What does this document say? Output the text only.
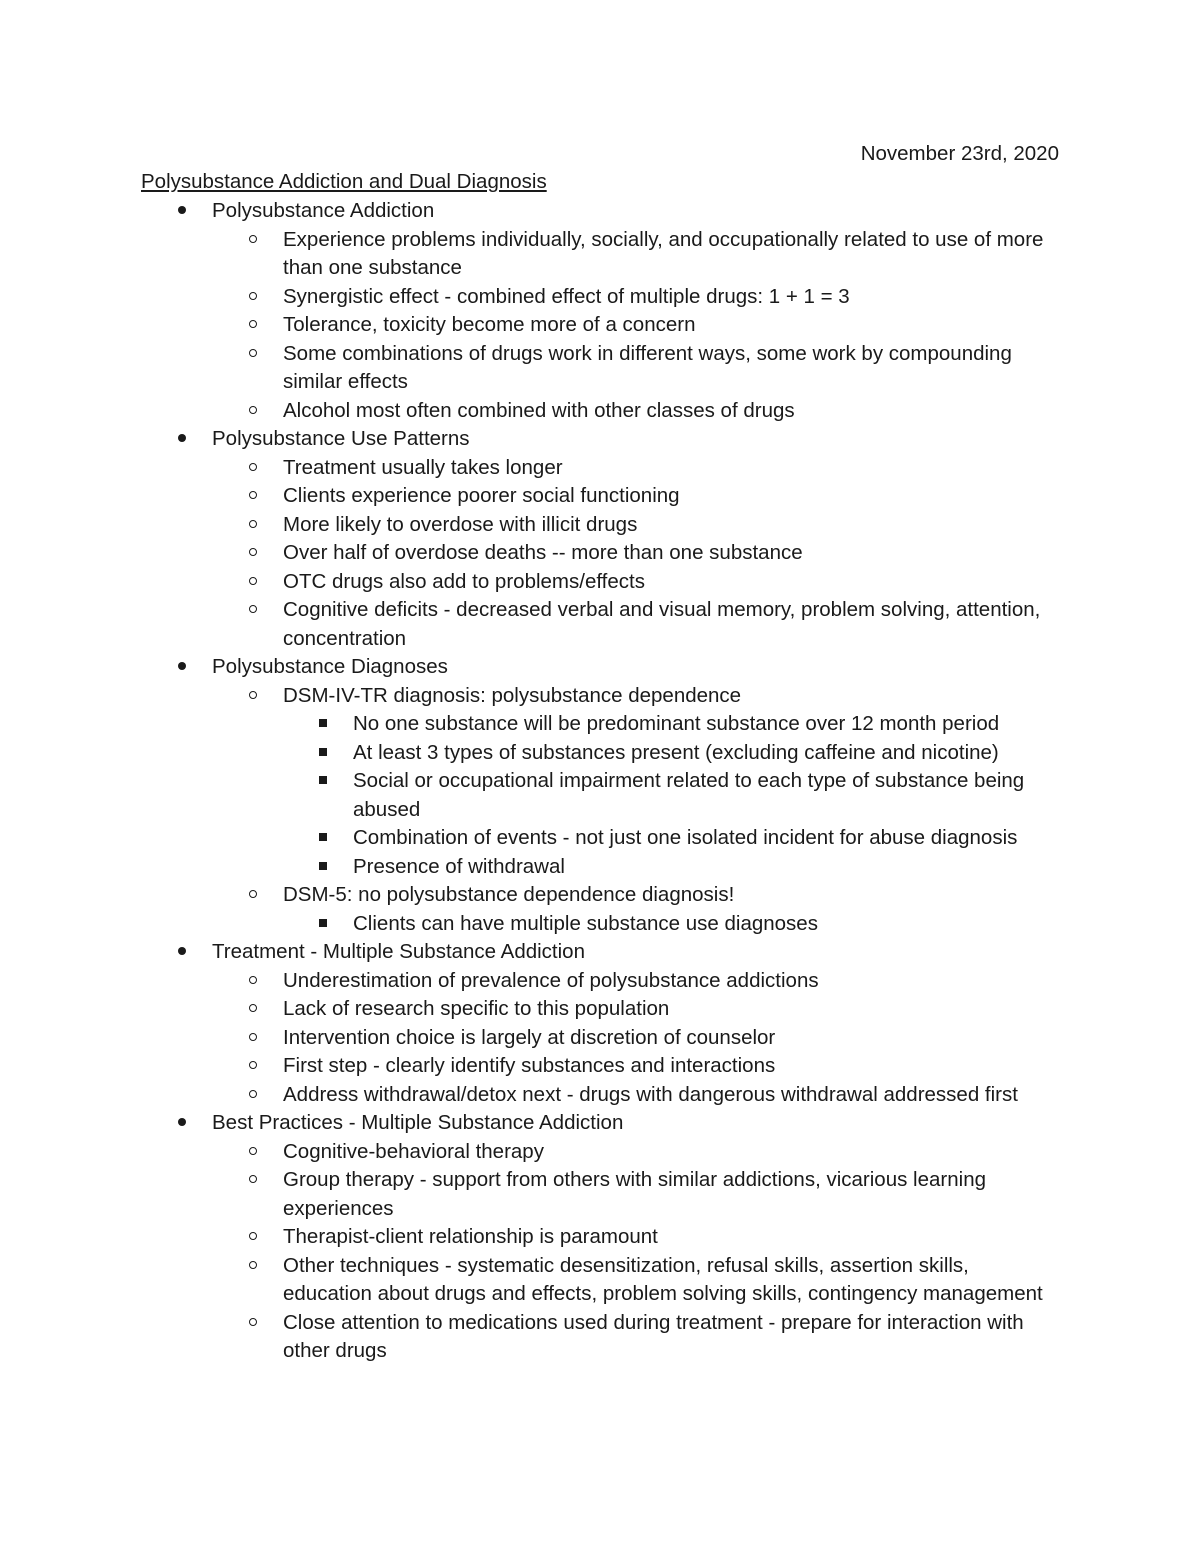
November 23rd, 2020
Polysubstance Addiction and Dual Diagnosis
Polysubstance Addiction
Experience problems individually, socially, and occupationally related to use of more than one substance
Synergistic effect - combined effect of multiple drugs: 1 + 1 = 3
Tolerance, toxicity become more of a concern
Some combinations of drugs work in different ways, some work by compounding similar effects
Alcohol most often combined with other classes of drugs
Polysubstance Use Patterns
Treatment usually takes longer
Clients experience poorer social functioning
More likely to overdose with illicit drugs
Over half of overdose deaths -- more than one substance
OTC drugs also add to problems/effects
Cognitive deficits - decreased verbal and visual memory, problem solving, attention, concentration
Polysubstance Diagnoses
DSM-IV-TR diagnosis: polysubstance dependence
No one substance will be predominant substance over 12 month period
At least 3 types of substances present (excluding caffeine and nicotine)
Social or occupational impairment related to each type of substance being abused
Combination of events - not just one isolated incident for abuse diagnosis
Presence of withdrawal
DSM-5: no polysubstance dependence diagnosis!
Clients can have multiple substance use diagnoses
Treatment - Multiple Substance Addiction
Underestimation of prevalence of polysubstance addictions
Lack of research specific to this population
Intervention choice is largely at discretion of counselor
First step - clearly identify substances and interactions
Address withdrawal/detox next - drugs with dangerous withdrawal addressed first
Best Practices - Multiple Substance Addiction
Cognitive-behavioral therapy
Group therapy - support from others with similar addictions, vicarious learning experiences
Therapist-client relationship is paramount
Other techniques - systematic desensitization, refusal skills, assertion skills, education about drugs and effects, problem solving skills, contingency management
Close attention to medications used during treatment - prepare for interaction with other drugs
